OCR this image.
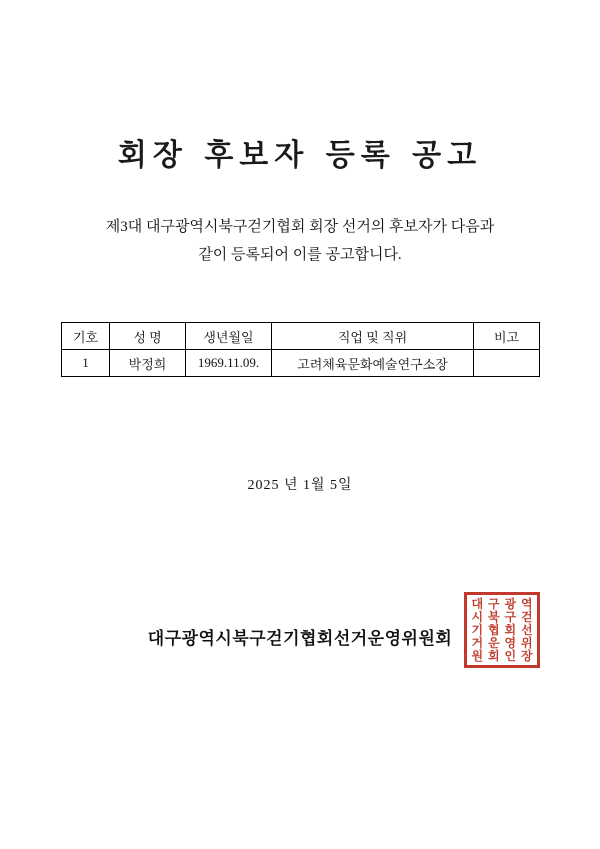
회장 후보자 등록 공고
제3대 대구광역시북구걷기협회 회장 선거의 후보자가 다음과
같이 등록되어 이를 공고합니다.
기호	성 명	생년월일	직업 및 직위	비고
1	박정희	1969.11.09.	고려체육문화예술연구소장	
2025 년 1월 5일
대구광역시북구걷기협회선거운영위원회
대 구 광 역
시 북 구 걷
기 협 회 선
거 운 영 위
원 회 인 장
